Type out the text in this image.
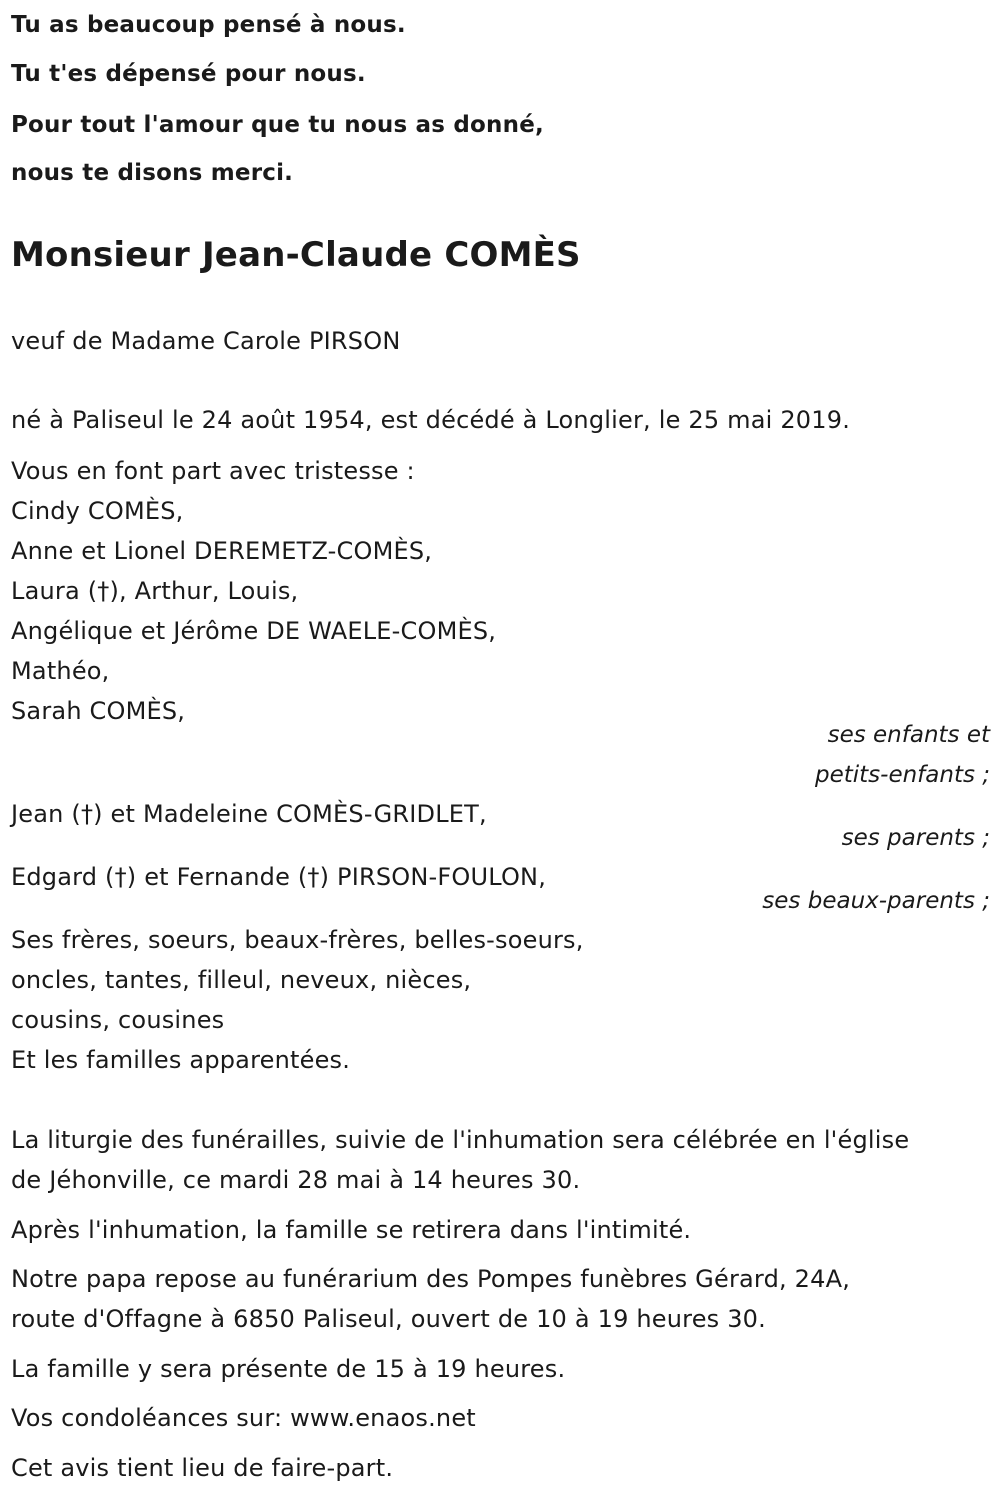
Tu as beaucoup pensé à nous.
Tu t'es dépensé pour nous.
Pour tout l'amour que tu nous as donné,
nous te disons merci.
Monsieur Jean-Claude COMÈS
veuf de Madame Carole PIRSON
né à Paliseul le 24 août 1954, est décédé à Longlier, le 25 mai 2019.
Vous en font part avec tristesse :
Cindy COMÈS,
Anne et Lionel DEREMETZ-COMÈS,
Laura (†), Arthur, Louis,
Angélique et Jérôme DE WAELE-COMÈS,
Mathéo,
Sarah COMÈS,
ses enfants et
petits-enfants ;
Jean (†) et Madeleine COMÈS-GRIDLET,
ses parents ;
Edgard (†) et Fernande (†) PIRSON-FOULON,
ses beaux-parents ;
Ses frères, soeurs, beaux-frères, belles-soeurs,
oncles, tantes, filleul, neveux, nièces,
cousins, cousines
Et les familles apparentées.
La liturgie des funérailles, suivie de l'inhumation sera célébrée en l'église
de Jéhonville, ce mardi 28 mai à 14 heures 30.
Après l'inhumation, la famille se retirera dans l'intimité.
Notre papa repose au funérarium des Pompes funèbres Gérard, 24A,
route d'Offagne à 6850 Paliseul, ouvert de 10 à 19 heures 30.
La famille y sera présente de 15 à 19 heures.
Vos condoléances sur: www.enaos.net
Cet avis tient lieu de faire-part.
